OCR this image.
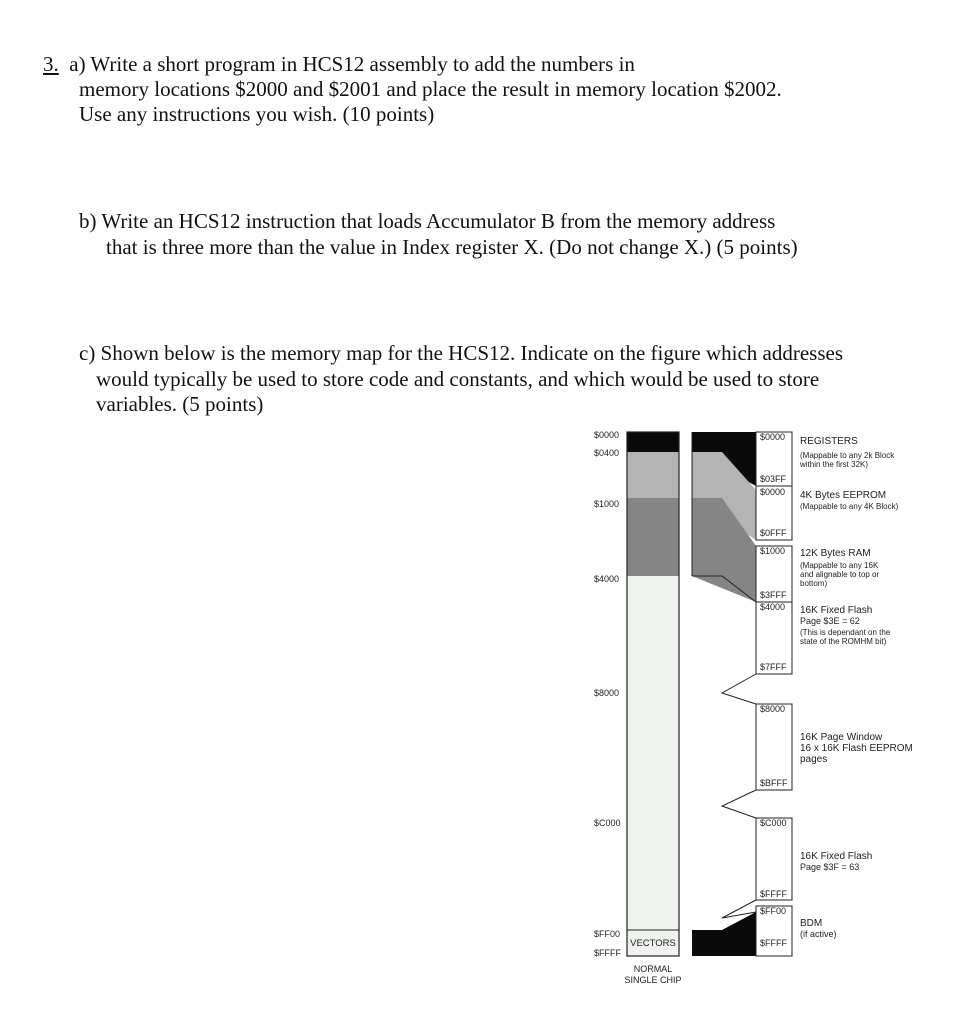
3. a) Write a short program in HCS12 assembly to add the numbers in

memory locations $2000 and $2001 and place the result in memory location $2002.

Use any instructions you wish. (10 points)

b) Write an HCS12 instruction that loads Accumulator B from the memory address

that is three more than the value in Index register X. (Do not change X.) (5 points)

c) Shown below is the memory map for the HCS12. Indicate on the figure which addresses

would typically be used to store code and constants, and which would be used to store

variables. (5 points)

VECTORS
$0000
$0400
$1000
$4000
$8000
$C000
$FF00
$FFFF
NORMAL
SINGLE CHIP
$0000
$03FF
$0000
$0FFF
$1000
$3FFF
$4000
$7FFF
$8000
$BFFF
$C000
$FFFF
$FF00
$FFFF
REGISTERS
(Mappable to any 2k Block
within the first 32K)
4K Bytes EEPROM
(Mappable to any 4K Block)
12K Bytes RAM
(Mappable to any 16K
and alignable to top or
bottom)
16K Fixed Flash
Page $3E = 62
(This is dependant on the
state of the ROMHM bit)
16K Page Window
16 x 16K Flash EEPROM
pages
16K Fixed Flash
Page $3F = 63
BDM
(if active)
